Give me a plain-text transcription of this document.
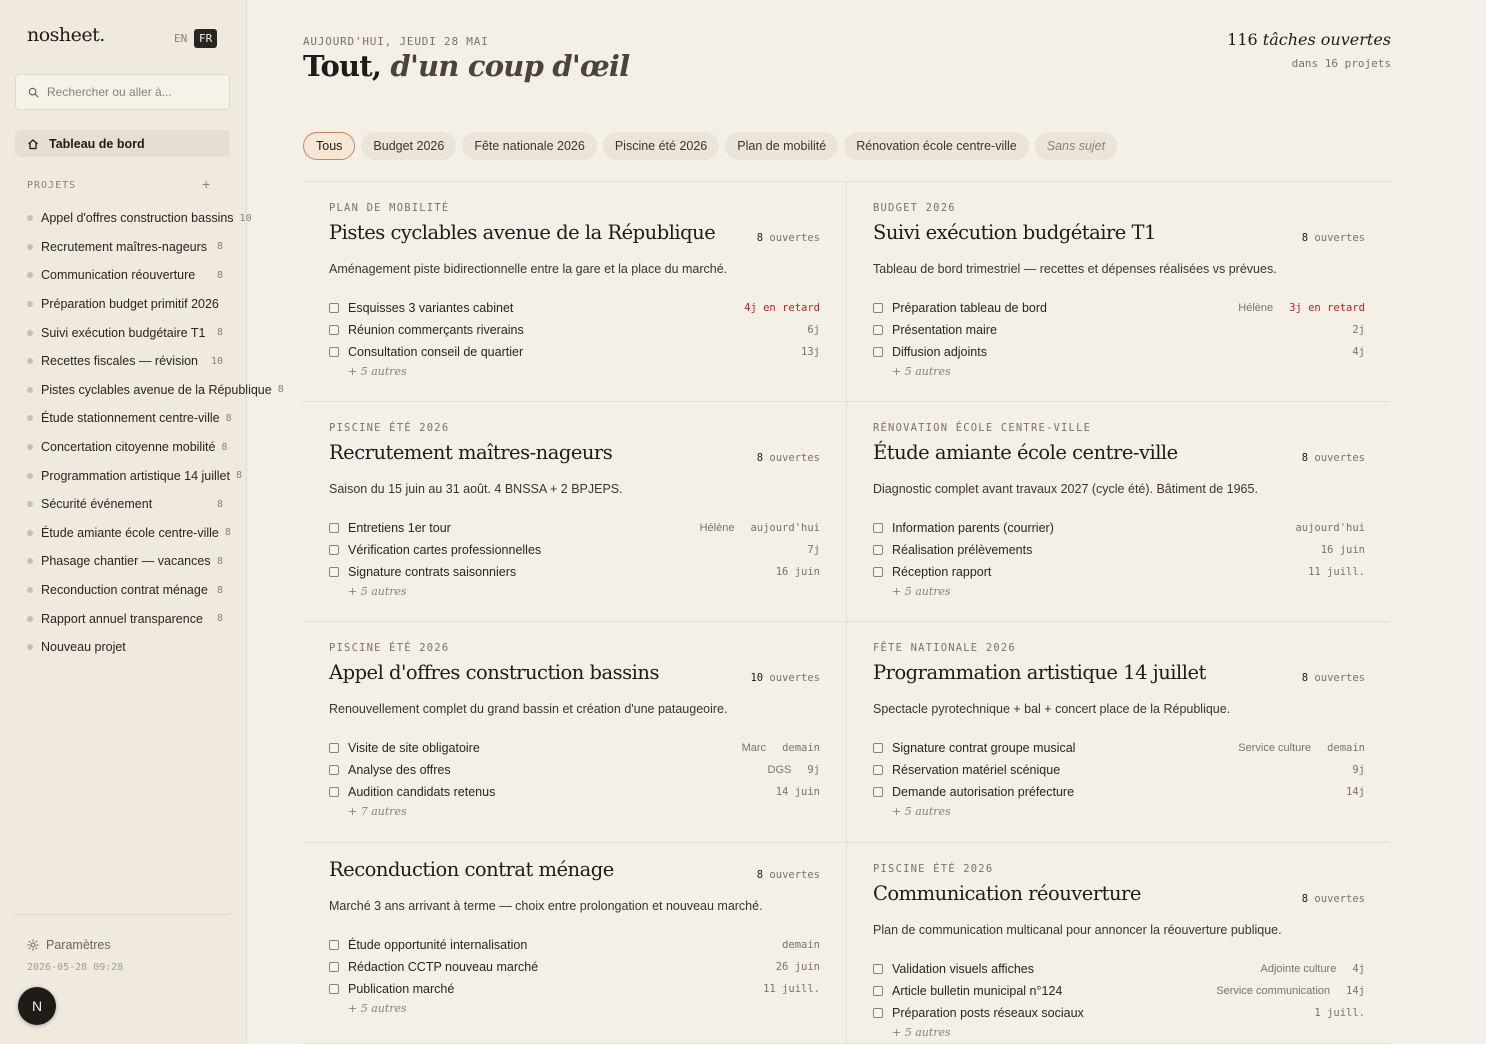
nosheet.	EN	FR
Rechercher ou aller à...
Tableau de bord
PROJETS	+
Appel d'offres construction bassins 10
Recrutement maîtres-nageurs 8
Communication réouverture	8
Préparation budget primitif 2026
Suivi exécution budgétaire T1	8
Recettes fiscales — révision	10
Pistes cyclables avenue de la République 8
Étude stationnement centre-ville 8
Concertation citoyenne mobilité 8
Programmation artistique 14 juillet 8
Sécurité événement	8
Étude amiante école centre-ville 8
Phasage chantier — vacances 8
Reconduction contrat ménage 8
Rapport annuel transparence	8
Nouveau projet
Paramètres
2026-05-28 09:28
N
AUJOURD'HUI, JEUDI 28 MAI
Tout, d'un coup d'œil
116 tâches ouvertes
dans 16 projets
Tous	Budget 2026	Fête nationale 2026	Piscine été 2026	Plan de mobilité	Rénovation école centre-ville	Sans sujet
PLAN DE MOBILITÉ
Pistes cyclables avenue de la République	8 ouvertes
Aménagement piste bidirectionnelle entre la gare et la place du marché.
Esquisses 3 variantes cabinet	4j en retard
Réunion commerçants riverains	6j
Consultation conseil de quartier	13j
+ 5 autres
BUDGET 2026
Suivi exécution budgétaire T1	8 ouvertes
Tableau de bord trimestriel — recettes et dépenses réalisées vs prévues.
Préparation tableau de bord	Hélène 3j en retard
Présentation maire	2j
Diffusion adjoints	4j
+ 5 autres
PISCINE ÉTÉ 2026
Recrutement maîtres-nageurs	8 ouvertes
Saison du 15 juin au 31 août. 4 BNSSA + 2 BPJEPS.
Entretiens 1er tour	Hélène aujourd'hui
Vérification cartes professionnelles	7j
Signature contrats saisonniers	16 juin
+ 5 autres
RÉNOVATION ÉCOLE CENTRE-VILLE
Étude amiante école centre-ville	8 ouvertes
Diagnostic complet avant travaux 2027 (cycle été). Bâtiment de 1965.
Information parents (courrier)	aujourd'hui
Réalisation prélèvements	16 juin
Réception rapport	11 juill.
+ 5 autres
PISCINE ÉTÉ 2026
Appel d'offres construction bassins	10 ouvertes
Renouvellement complet du grand bassin et création d'une pataugeoire.
Visite de site obligatoire	Marc demain
Analyse des offres	DGS 9j
Audition candidats retenus	14 juin
+ 7 autres
FÊTE NATIONALE 2026
Programmation artistique 14 juillet	8 ouvertes
Spectacle pyrotechnique + bal + concert place de la République.
Signature contrat groupe musical	Service culture demain
Réservation matériel scénique	9j
Demande autorisation préfecture	14j
+ 5 autres
Reconduction contrat ménage	8 ouvertes
Marché 3 ans arrivant à terme — choix entre prolongation et nouveau marché.
Étude opportunité internalisation	demain
Rédaction CCTP nouveau marché	26 juin
Publication marché	11 juill.
+ 5 autres
PISCINE ÉTÉ 2026
Communication réouverture	8 ouvertes
Plan de communication multicanal pour annoncer la réouverture publique.
Validation visuels affiches	Adjointe culture 4j
Article bulletin municipal n°124	Service communication 14j
Préparation posts réseaux sociaux	1 juill.
+ 5 autres
